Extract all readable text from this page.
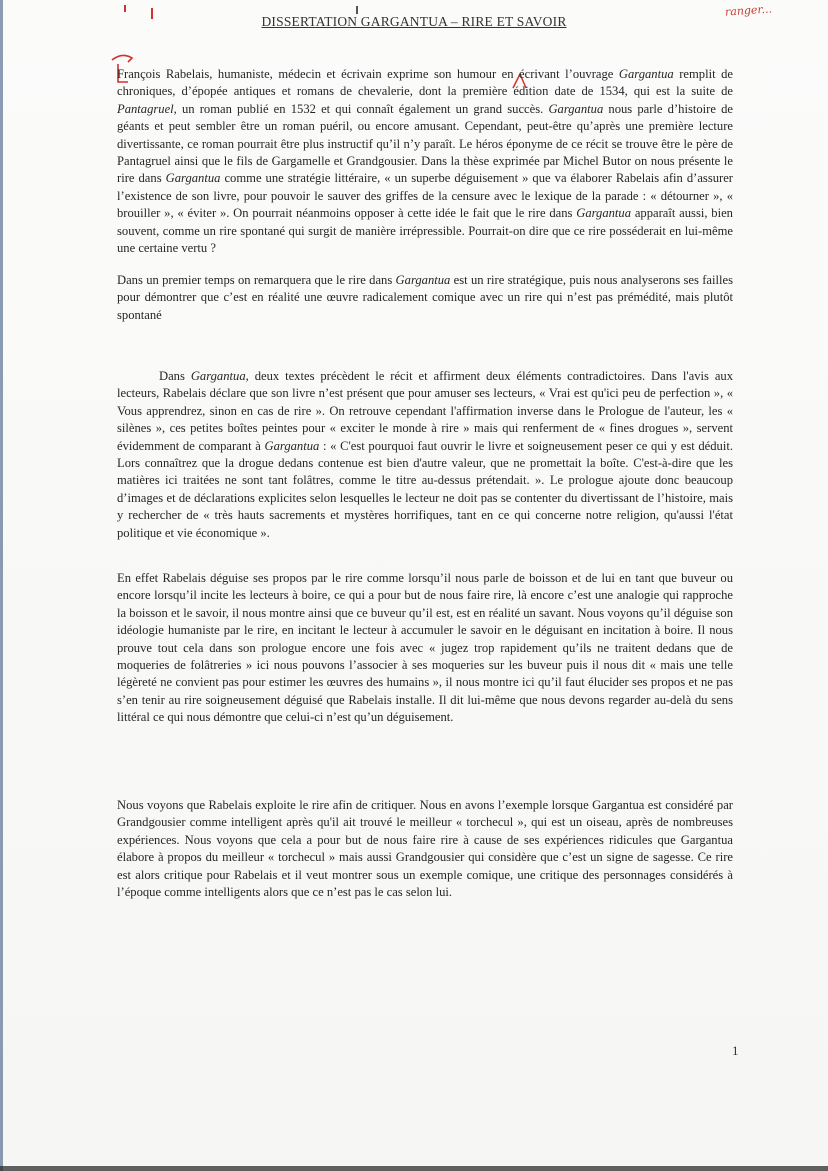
ranger...
DISSERTATION GARGANTUA – RIRE ET SAVOIR

François Rabelais, humaniste, médecin et écrivain exprime son humour en écrivant l’ouvrage Gargantua remplit de chroniques, d’épopée antiques et romans de chevalerie, dont la première édition date de 1534, qui est la suite de Pantagruel, un roman publié en 1532 et qui connaît également un grand succès. Gargantua nous parle d’histoire de géants et peut sembler être un roman puéril, ou encore amusant. Cependant, peut-être qu’après une première lecture divertissante, ce roman pourrait être plus instructif qu’il n’y paraît. Le héros éponyme de ce récit se trouve être le père de Pantagruel ainsi que le fils de Gargamelle et Grandgousier. Dans la thèse exprimée par Michel Butor on nous présente le rire dans Gargantua comme une stratégie littéraire, « un superbe déguisement » que va élaborer Rabelais afin d’assurer l’existence de son livre, pour pouvoir le sauver des griffes de la censure avec le lexique de la parade : « détourner », « brouiller », « éviter ». On pourrait néanmoins opposer à cette idée le fait que le rire dans Gargantua apparaît aussi, bien souvent, comme un rire spontané qui surgit de manière irrépressible. Pourrait-on dire que ce rire posséderait en lui-même une certaine vertu ?

Dans un premier temps on remarquera que le rire dans Gargantua est un rire stratégique, puis nous analyserons ses failles pour démontrer que c’est en réalité une œuvre radicalement comique avec un rire qui n’est pas prémédité, mais plutôt spontané

Dans Gargantua, deux textes précèdent le récit et affirment deux éléments contradictoires. Dans l'avis aux lecteurs, Rabelais déclare que son livre n’est présent que pour amuser ses lecteurs, « Vrai est qu'ici peu de perfection », « Vous apprendrez, sinon en cas de rire ». On retrouve cependant l'affirmation inverse dans le Prologue de l'auteur, les « silènes », ces petites boîtes peintes pour « exciter le monde à rire » mais qui renferment de « fines drogues », servent évidemment de comparant à Gargantua : « C'est pourquoi faut ouvrir le livre et soigneusement peser ce qui y est déduit. Lors connaîtrez que la drogue dedans contenue est bien d'autre valeur, que ne promettait la boîte. C'est-à-dire que les matières ici traitées ne sont tant folâtres, comme le titre au-dessus prétendait. ». Le prologue ajoute donc beaucoup d’images et de déclarations explicites selon lesquelles le lecteur ne doit pas se contenter du divertissant de l’histoire, mais y rechercher de « très hauts sacrements et mystères horrifiques, tant en ce qui concerne notre religion, qu'aussi l'état politique et vie économique ».

En effet Rabelais déguise ses propos par le rire comme lorsqu’il nous parle de boisson et de lui en tant que buveur ou encore lorsqu’il incite les lecteurs à boire, ce qui a pour but de nous faire rire, là encore c’est une analogie qui rapproche la boisson et le savoir, il nous montre ainsi que ce buveur qu’il est, est en réalité un savant. Nous voyons qu’il déguise son idéologie humaniste par le rire, en incitant le lecteur à accumuler le savoir en le déguisant en incitation à boire. Il nous prouve tout cela dans son prologue encore une fois avec « jugez trop rapidement qu’ils ne traitent dedans que de moqueries de folâtreries » ici nous pouvons l’associer à ses moqueries sur les buveur puis il nous dit « mais une telle légèreté ne convient pas pour estimer les œuvres des humains », il nous montre ici qu’il faut élucider ses propos et ne pas s’en tenir au rire soigneusement déguisé que Rabelais installe. Il dit lui-même que nous devons regarder au-delà du sens littéral ce qui nous démontre que celui-ci n’est qu’un déguisement.

Nous voyons que Rabelais exploite le rire afin de critiquer. Nous en avons l’exemple lorsque Gargantua est considéré par Grandgousier comme intelligent après qu'il ait trouvé le meilleur « torchecul », qui est un oiseau, après de nombreuses expériences. Nous voyons que cela a pour but de nous faire rire à cause de ses expériences ridicules que Gargantua élabore à propos du meilleur « torchecul » mais aussi Grandgousier qui considère que c’est un signe de sagesse. Ce rire est alors critique pour Rabelais et il veut montrer sous un exemple comique, une critique des personnages considérés à l’époque comme intelligents alors que ce n’est pas le cas selon lui.

1
